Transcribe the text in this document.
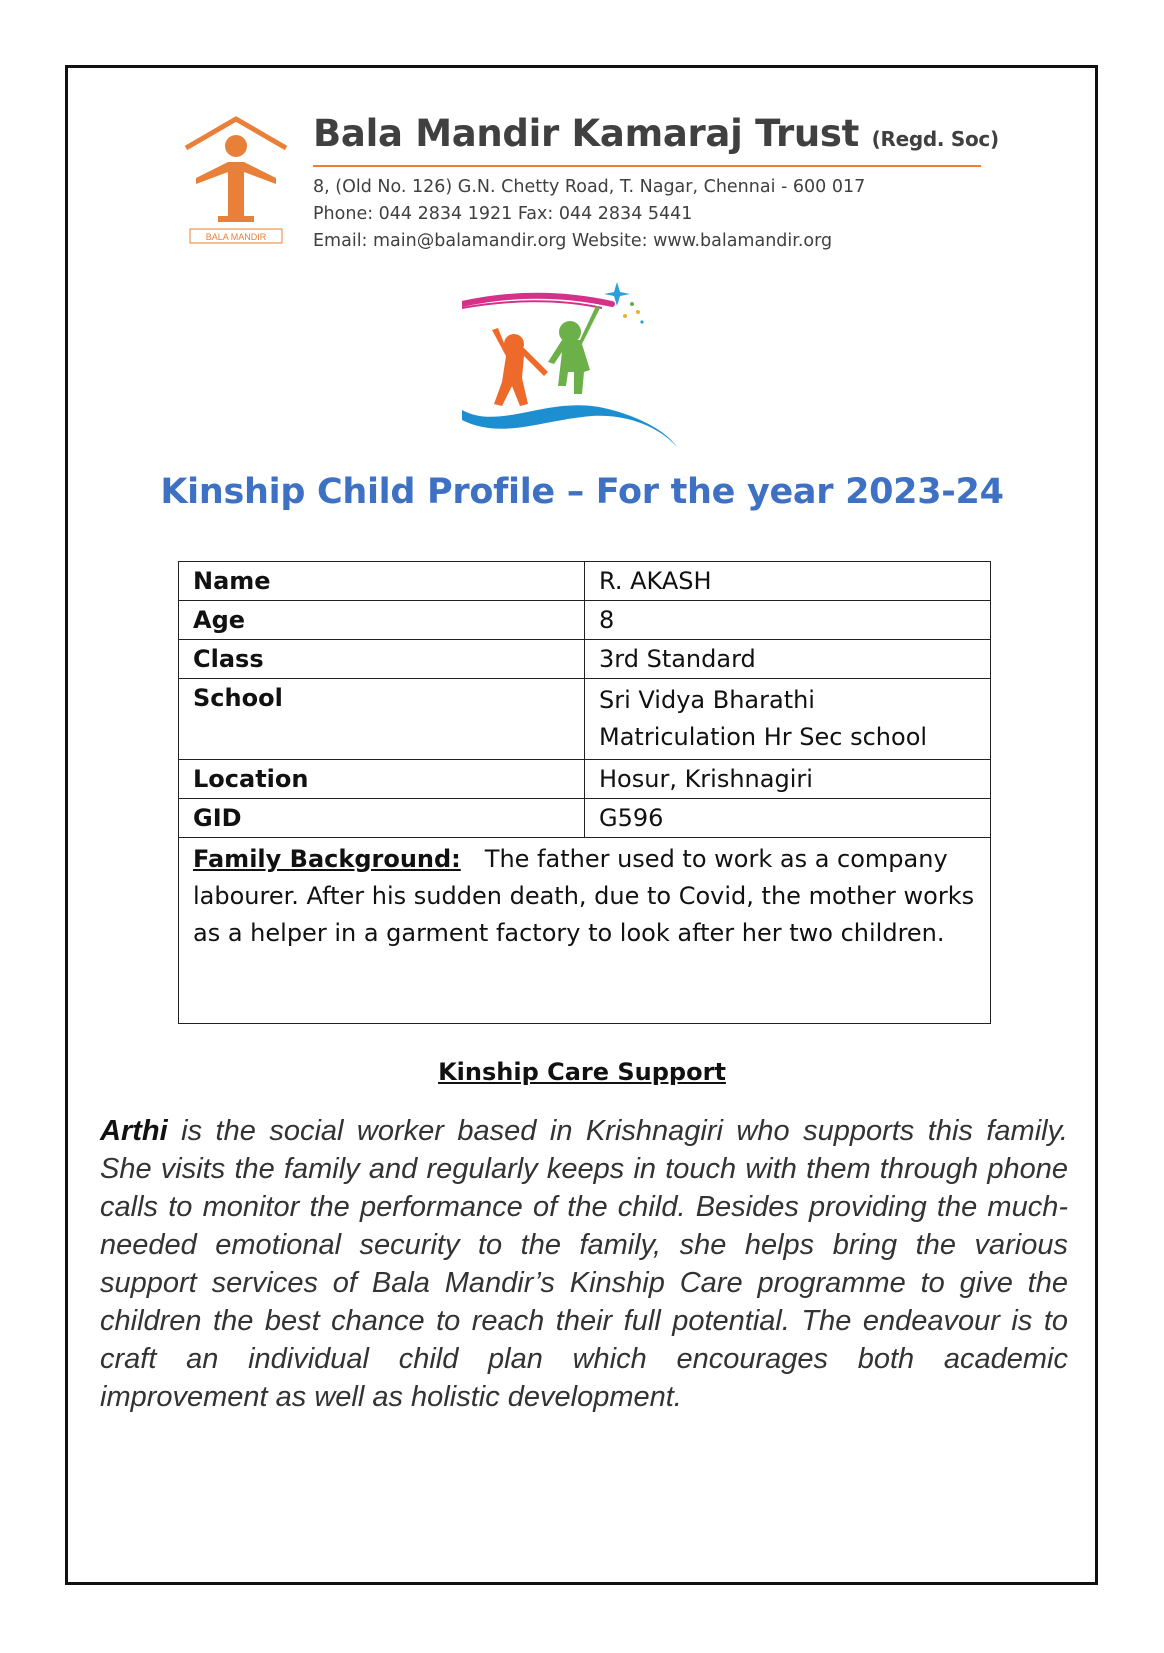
BALA MANDIR
Bala Mandir Kamaraj Trust (Regd. Soc)
8, (Old No. 126) G.N. Chetty Road, T. Nagar, Chennai - 600 017
Phone: 044 2834 1921 Fax: 044 2834 5441
Email: main@balamandir.org Website: www.balamandir.org
Kinship Child Profile – For the year 2023-24
Name	R. AKASH
Age	8
Class	3rd Standard
School	Sri Vidya Bharathi
Matriculation Hr Sec school
Location	Hosur, Krishnagiri
GID	G596
Family Background: The father used to work as a company labourer. After his sudden death, due to Covid, the mother works as a helper in a garment factory to look after her two children.	
Kinship Care Support
Arthi is the social worker based in Krishnagiri who supports this family. She visits the family and regularly keeps in touch with them through phone calls to monitor the performance of the child. Besides providing the much-needed emotional security to the family, she helps bring the various support services of Bala Mandir’s Kinship Care programme to give the children the best chance to reach their full potential. The endeavour is to craft an individual child plan which encourages both academic improvement as well as holistic development.
